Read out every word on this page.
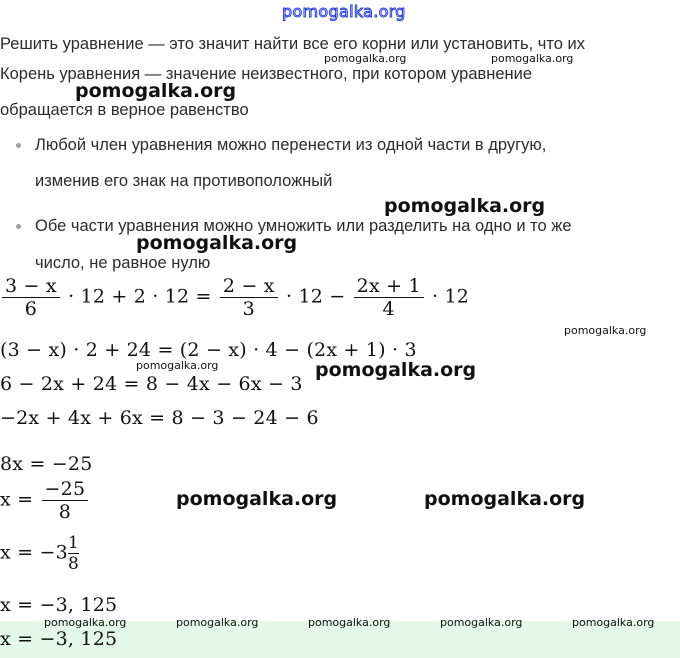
pomogalka.org
Решить уравнение — это значит найти все его корни или установить, что их
Корень уравнения — значение неизвестного, при котором уравнение
обращается в верное равенство
Любой член уравнения можно перенести из одной части в другую,
изменив его знак на противоположный
Обе части уравнения можно умножить или разделить на одно и то же
число, не равное нулю
$\frac{3 - x}{6} \cdot 12 + 2 \cdot 12 = \frac{2 - x}{3} \cdot 12 - \frac{2x + 1}{4} \cdot 12$
(3 − x) · 2 + 24 = (2 − x) · 4 − (2x + 1) · 3
6 − 2x + 24 = 8 − 4x − 6x − 3
−2x + 4x + 6x = 8 − 3 − 24 − 6
8x = −25
$x = \frac{-25}{8}$
$x = -3 \frac{1}{8}$
x = −3, 125
x = −3, 125
pomogalka.org	pomogalka.org
pomogalka.org
pomogalka.org
pomogalka.org
pomogalka.org
pomogalka.org	pomogalka.org
pomogalka.org	pomogalka.org
pomogalka.org	pomogalka.org	pomogalka.org	pomogalka.org	pomogalka.org
